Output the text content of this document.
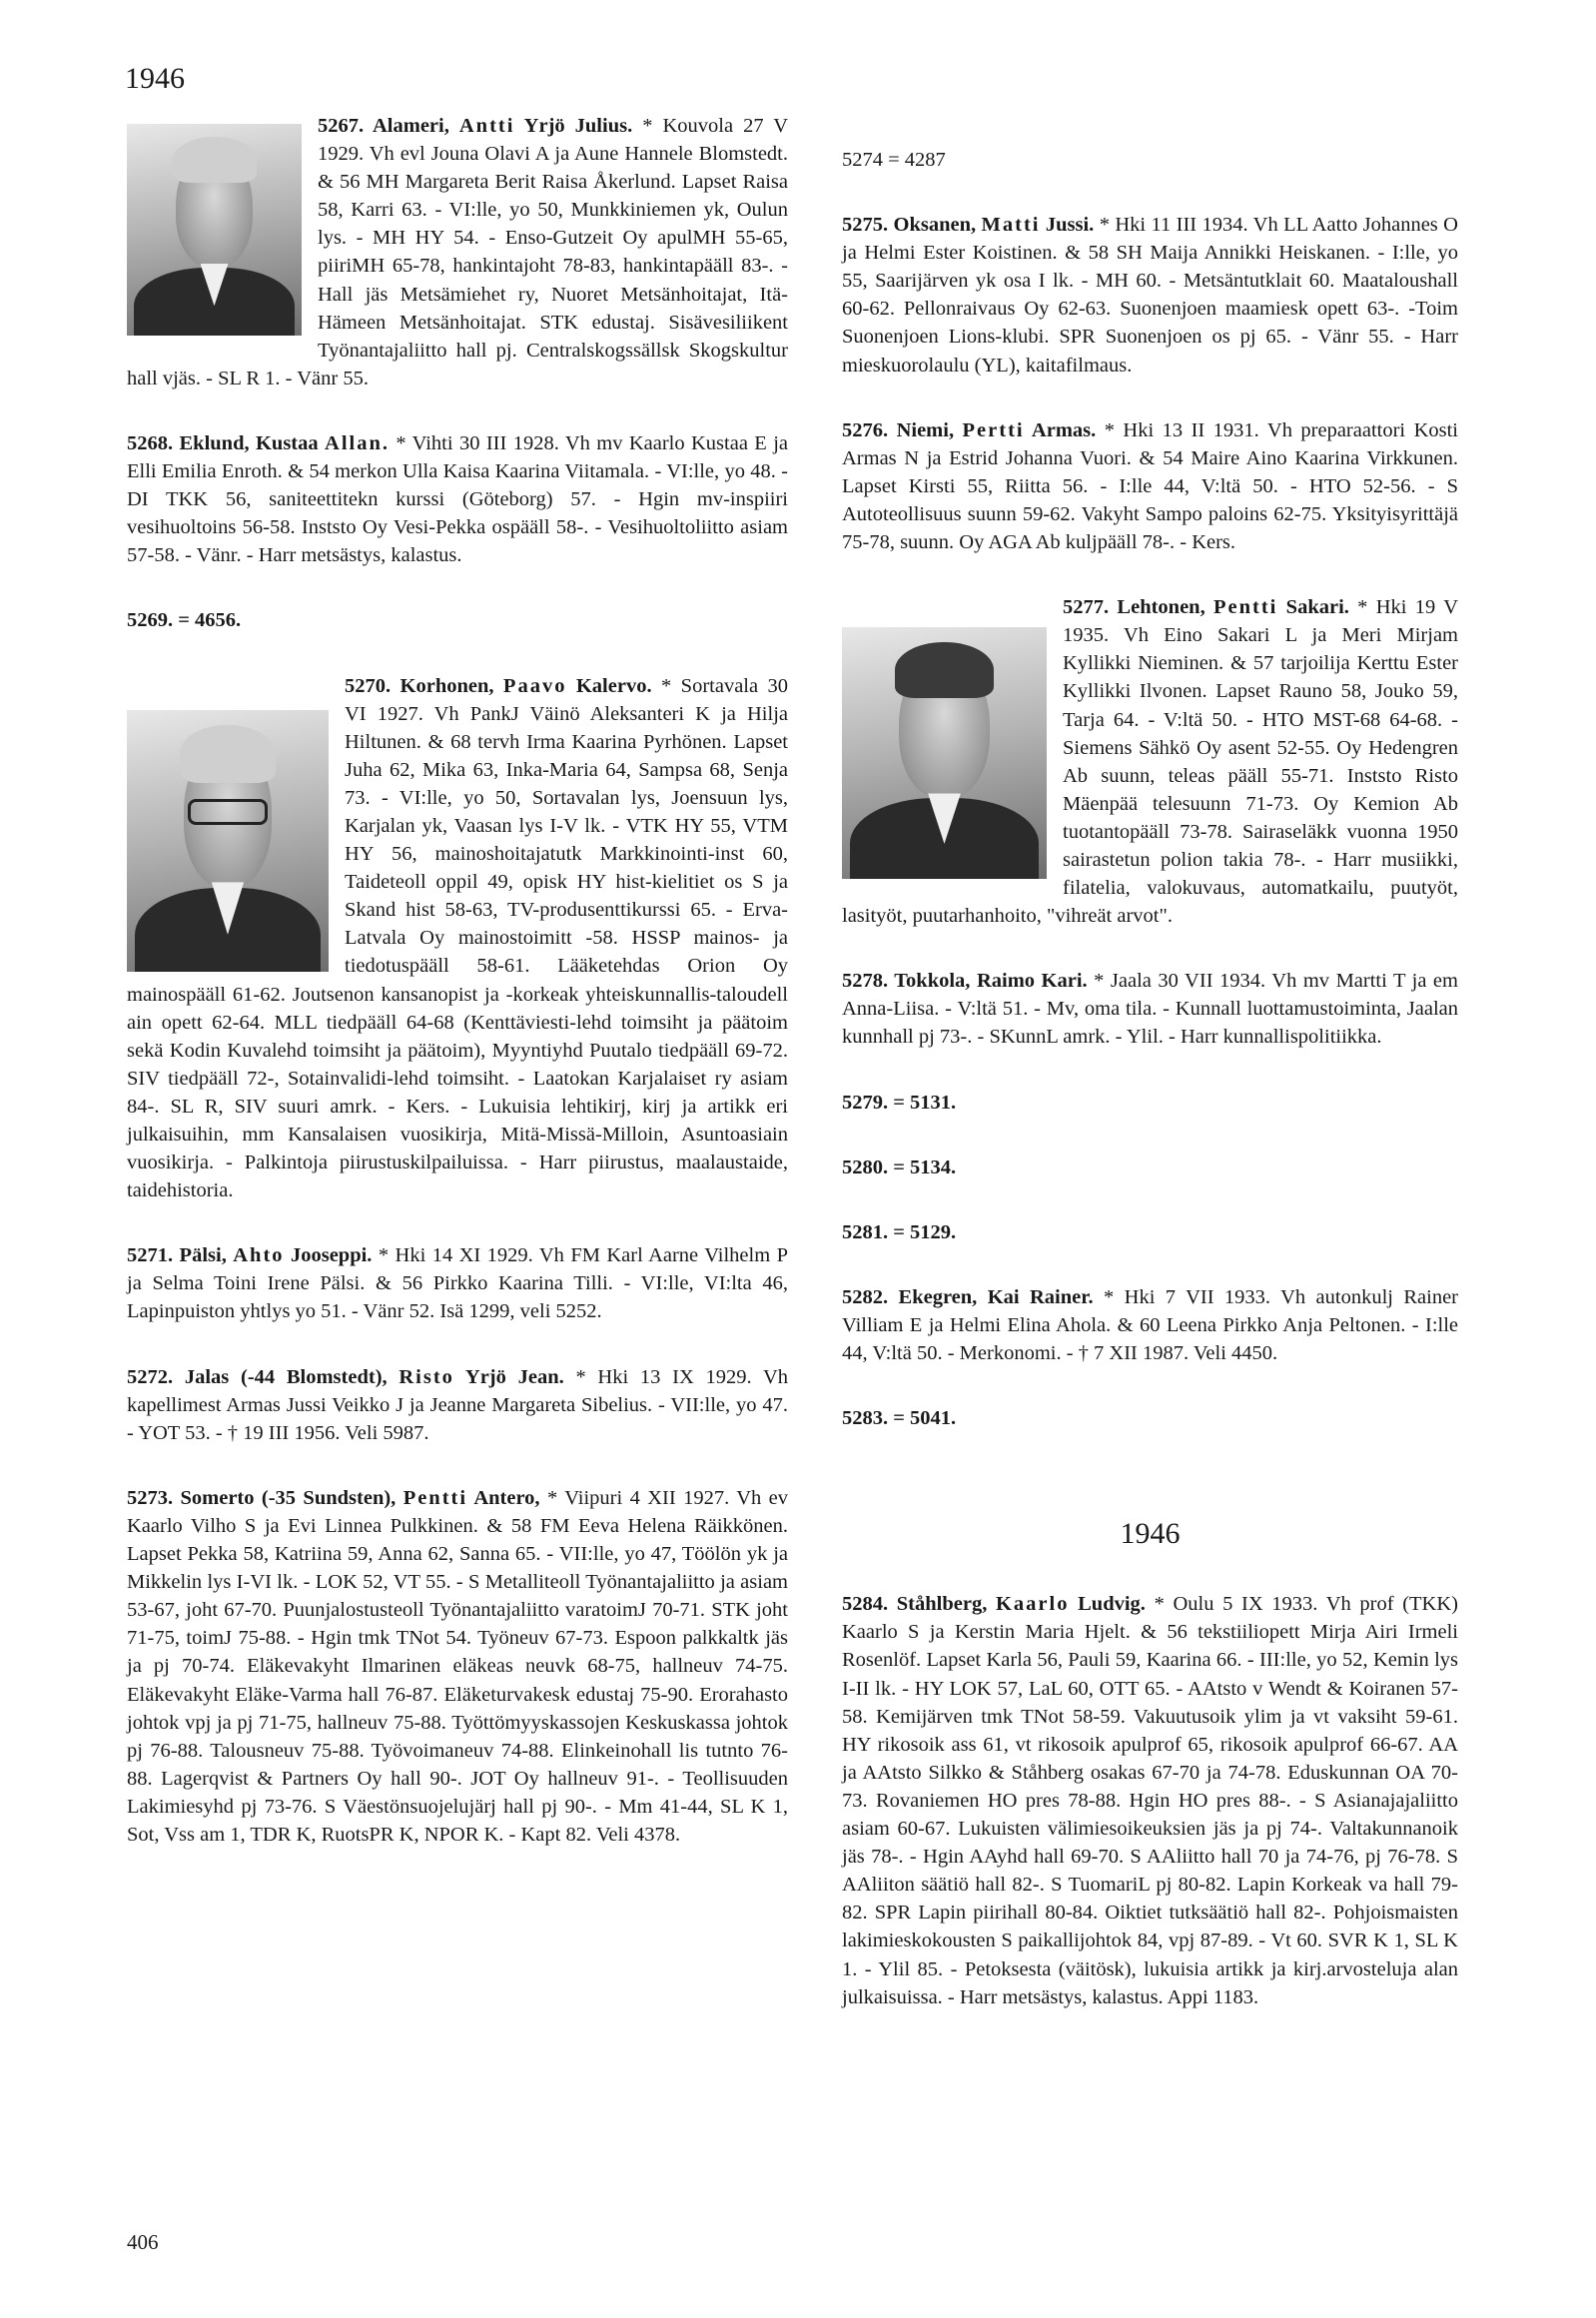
1946
5267. Alameri, Antti Yrjö Julius. * Kouvola 27 V 1929. Vh evl Jouna Olavi A ja Aune Hannele Blomstedt. & 56 MH Margareta Berit Raisa Åkerlund. Lapset Raisa 58, Karri 63. - VI:lle, yo 50, Munkkiniemen yk, Oulun lys. - MH HY 54. - Enso-Gutzeit Oy apulMH 55-65, piiriMH 65-78, hankintajoht 78-83, hankintapääll 83-. - Hall jäs Metsämiehet ry, Nuoret Metsänhoitajat, Itä-Hämeen Metsänhoitajat. STK edustaj. Sisävesiliikent Työnantajaliitto hall pj. Centralskogssällsk Skogskultur hall vjäs. - SL R 1. - Vänr 55.
5268. Eklund, Kustaa Allan. * Vihti 30 III 1928. Vh mv Kaarlo Kustaa E ja Elli Emilia Enroth. & 54 merkon Ulla Kaisa Kaarina Viitamala. - VI:lle, yo 48. - DI TKK 56, saniteettitekn kurssi (Göteborg) 57. - Hgin mv-inspiiri vesihuoltoins 56-58. Inststo Oy Vesi-Pekka ospääll 58-. - Vesihuoltoliitto asiam 57-58. - Vänr. - Harr metsästys, kalastus.
5269. = 4656.
5270. Korhonen, Paavo Kalervo. * Sortavala 30 VI 1927. Vh PankJ Väinö Aleksanteri K ja Hilja Hiltunen. & 68 tervh Irma Kaarina Pyrhönen. Lapset Juha 62, Mika 63, Inka-Maria 64, Sampsa 68, Senja 73. - VI:lle, yo 50, Sortavalan lys, Joensuun lys, Karjalan yk, Vaasan lys I-V lk. - VTK HY 55, VTM HY 56, mainoshoitajatutk Markkinointi-inst 60, Taideteoll oppil 49, opisk HY hist-kielitiet os S ja Skand hist 58-63, TV-produsenttikurssi 65. - Erva-Latvala Oy mainostoimitt -58. HSSP mainos- ja tiedotuspääll 58-61. Lääketehdas Orion Oy mainospääll 61-62. Joutsenon kansanopist ja -korkeak yhteiskunnallis-taloudell ain opett 62-64. MLL tiedpääll 64-68 (Kenttäviesti-lehd toimsiht ja päätoim sekä Kodin Kuvalehd toimsiht ja päätoim), Myyntiyhd Puutalo tiedpääll 69-72. SIV tiedpääll 72-, Sotainvalidi-lehd toimsiht. - Laatokan Karjalaiset ry asiam 84-. SL R, SIV suuri amrk. - Kers. - Lukuisia lehtikirj, kirj ja artikk eri julkaisuihin, mm Kansalaisen vuosikirja, Mitä-Missä-Milloin, Asuntoasiain vuosikirja. - Palkintoja piirustuskilpailuissa. - Harr piirustus, maalaustaide, taidehistoria.
5271. Pälsi, Ahto Jooseppi. * Hki 14 XI 1929. Vh FM Karl Aarne Vilhelm P ja Selma Toini Irene Pälsi. & 56 Pirkko Kaarina Tilli. - VI:lle, VI:lta 46, Lapinpuiston yhtlys yo 51. - Vänr 52. Isä 1299, veli 5252.
5272. Jalas (-44 Blomstedt), Risto Yrjö Jean. * Hki 13 IX 1929. Vh kapellimest Armas Jussi Veikko J ja Jeanne Margareta Sibelius. - VII:lle, yo 47. - YOT 53. - † 19 III 1956. Veli 5987.
5273. Somerto (-35 Sundsten), Pentti Antero, * Viipuri 4 XII 1927. Vh ev Kaarlo Vilho S ja Evi Linnea Pulkkinen. & 58 FM Eeva Helena Räikkönen. Lapset Pekka 58, Katriina 59, Anna 62, Sanna 65. - VII:lle, yo 47, Töölön yk ja Mikkelin lys I-VI lk. - LOK 52, VT 55. - S Metalliteoll Työnantajaliitto ja asiam 53-67, joht 67-70. Puunjalostusteoll Työnantajaliitto varatoimJ 70-71. STK joht 71-75, toimJ 75-88. - Hgin tmk TNot 54. Työneuv 67-73. Espoon palkkaltk jäs ja pj 70-74. Eläkevakyht Ilmarinen eläkeas neuvk 68-75, hallneuv 74-75. Eläkevakyht Eläke-Varma hall 76-87. Eläketurvakesk edustaj 75-90. Erorahasto johtok vpj ja pj 71-75, hallneuv 75-88. Työttömyyskassojen Keskuskassa johtok pj 76-88. Talousneuv 75-88. Työvoimaneuv 74-88. Elinkeinohall lis tutnto 76-88. Lagerqvist & Partners Oy hall 90-. JOT Oy hallneuv 91-. - Teollisuuden Lakimiesyhd pj 73-76. S Väestönsuojelujärj hall pj 90-. - Mm 41-44, SL K 1, Sot, Vss am 1, TDR K, RuotsPR K, NPOR K. - Kapt 82. Veli 4378.
5274 = 4287
5275. Oksanen, Matti Jussi. * Hki 11 III 1934. Vh LL Aatto Johannes O ja Helmi Ester Koistinen. & 58 SH Maija Annikki Heiskanen. - I:lle, yo 55, Saarijärven yk osa I lk. - MH 60. - Metsäntutklait 60. Maataloushall 60-62. Pellonraivaus Oy 62-63. Suonenjoen maamiesk opett 63-. -Toim Suonenjoen Lions-klubi. SPR Suonenjoen os pj 65. - Vänr 55. - Harr mieskuorolaulu (YL), kaitafilmaus.
5276. Niemi, Pertti Armas. * Hki 13 II 1931. Vh preparaattori Kosti Armas N ja Estrid Johanna Vuori. & 54 Maire Aino Kaarina Virkkunen. Lapset Kirsti 55, Riitta 56. - I:lle 44, V:ltä 50. - HTO 52-56. - S Autoteollisuus suunn 59-62. Vakyht Sampo paloins 62-75. Yksityisyrittäjä 75-78, suunn. Oy AGA Ab kuljpääll 78-. - Kers.
5277. Lehtonen, Pentti Sakari. * Hki 19 V 1935. Vh Eino Sakari L ja Meri Mirjam Kyllikki Nieminen. & 57 tarjoilija Kerttu Ester Kyllikki Ilvonen. Lapset Rauno 58, Jouko 59, Tarja 64. - V:ltä 50. - HTO MST-68 64-68. - Siemens Sähkö Oy asent 52-55. Oy Hedengren Ab suunn, teleas pääll 55-71. Inststo Risto Mäenpää telesuunn 71-73. Oy Kemion Ab tuotantopääll 73-78. Sairaseläkk vuonna 1950 sairastetun polion takia 78-. - Harr musiikki, filatelia, valokuvaus, automatkailu, puutyöt, lasityöt, puutarhanhoito, "vihreät arvot".
5278. Tokkola, Raimo Kari. * Jaala 30 VII 1934. Vh mv Martti T ja em Anna-Liisa. - V:ltä 51. - Mv, oma tila. - Kunnall luottamustoiminta, Jaalan kunnhall pj 73-. - SKunnL amrk. - Ylil. - Harr kunnallispolitiikka.
5279. = 5131.
5280. = 5134.
5281. = 5129.
5282. Ekegren, Kai Rainer. * Hki 7 VII 1933. Vh autonkulj Rainer Villiam E ja Helmi Elina Ahola. & 60 Leena Pirkko Anja Peltonen. - I:lle 44, V:ltä 50. - Merkonomi. - † 7 XII 1987. Veli 4450.
5283. = 5041.
1946
5284. Ståhlberg, Kaarlo Ludvig. * Oulu 5 IX 1933. Vh prof (TKK) Kaarlo S ja Kerstin Maria Hjelt. & 56 tekstiiliopett Mirja Airi Irmeli Rosenlöf. Lapset Karla 56, Pauli 59, Kaarina 66. - III:lle, yo 52, Kemin lys I-II lk. - HY LOK 57, LaL 60, OTT 65. - AAtsto v Wendt & Koiranen 57-58. Kemijärven tmk TNot 58-59. Vakuutusoik ylim ja vt vaksiht 59-61. HY rikosoik ass 61, vt rikosoik apulprof 65, rikosoik apulprof 66-67. AA ja AAtsto Silkko & Ståhberg osakas 67-70 ja 74-78. Eduskunnan OA 70-73. Rovaniemen HO pres 78-88. Hgin HO pres 88-. - S Asianajajaliitto asiam 60-67. Lukuisten välimiesoikeuksien jäs ja pj 74-. Valtakunnanoik jäs 78-. - Hgin AAyhd hall 69-70. S AAliitto hall 70 ja 74-76, pj 76-78. S AAliiton säätiö hall 82-. S TuomariL pj 80-82. Lapin Korkeak va hall 79-82. SPR Lapin piirihall 80-84. Oiktiet tutksäätiö hall 82-. Pohjoismaisten lakimieskokousten S paikallijohtok 84, vpj 87-89. - Vt 60. SVR K 1, SL K 1. - Ylil 85. - Petoksesta (väitösk), lukuisia artikk ja kirj.arvosteluja alan julkaisuissa. - Harr metsästys, kalastus. Appi 1183.
406
